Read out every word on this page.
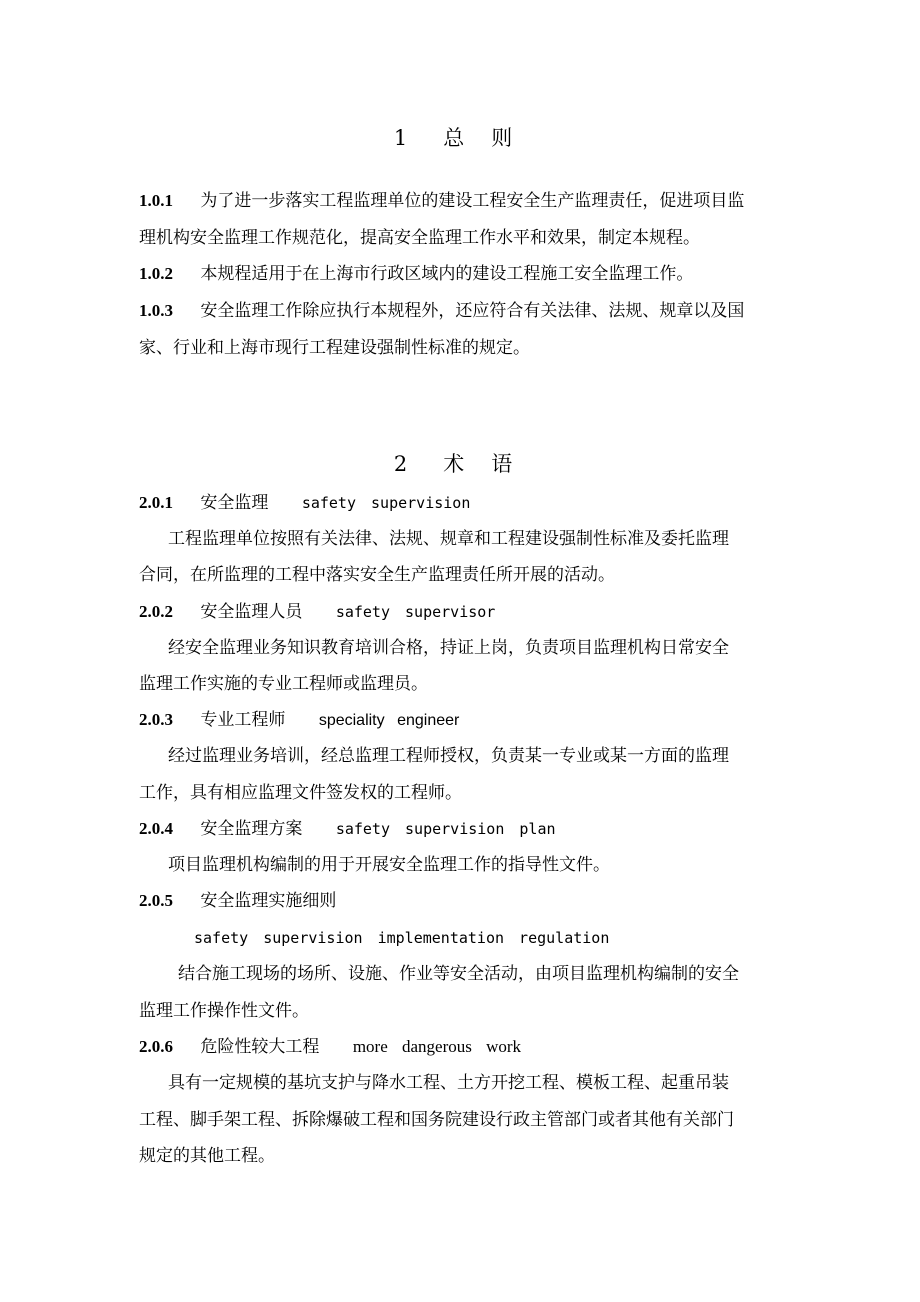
1 总 则
1.0.1 为了进一步落实工程监理单位的建设工程安全生产监理责任，促进项目监
理机构安全监理工作规范化，提高安全监理工作水平和效果，制定本规程。
1.0.2 本规程适用于在上海市行政区域内的建设工程施工安全监理工作。
1.0.3 安全监理工作除应执行本规程外，还应符合有关法律、法规、规章以及国
家、行业和上海市现行工程建设强制性标准的规定。
2 术 语
2.0.1 安全监理 safety supervision
工程监理单位按照有关法律、法规、规章和工程建设强制性标准及委托监理
合同，在所监理的工程中落实安全生产监理责任所开展的活动。
2.0.2 安全监理人员 safety supervisor
经安全监理业务知识教育培训合格，持证上岗，负责项目监理机构日常安全
监理工作实施的专业工程师或监理员。
2.0.3 专业工程师 speciality engineer
经过监理业务培训，经总监理工程师授权，负责某一专业或某一方面的监理
工作，具有相应监理文件签发权的工程师。
2.0.4 安全监理方案 safety supervision plan
项目监理机构编制的用于开展安全监理工作的指导性文件。
2.0.5 安全监理实施细则
safety supervision implementation regulation
结合施工现场的场所、设施、作业等安全活动，由项目监理机构编制的安全
监理工作操作性文件。
2.0.6 危险性较大工程 more dangerous work
具有一定规模的基坑支护与降水工程、土方开挖工程、模板工程、起重吊装
工程、脚手架工程、拆除爆破工程和国务院建设行政主管部门或者其他有关部门
规定的其他工程。
